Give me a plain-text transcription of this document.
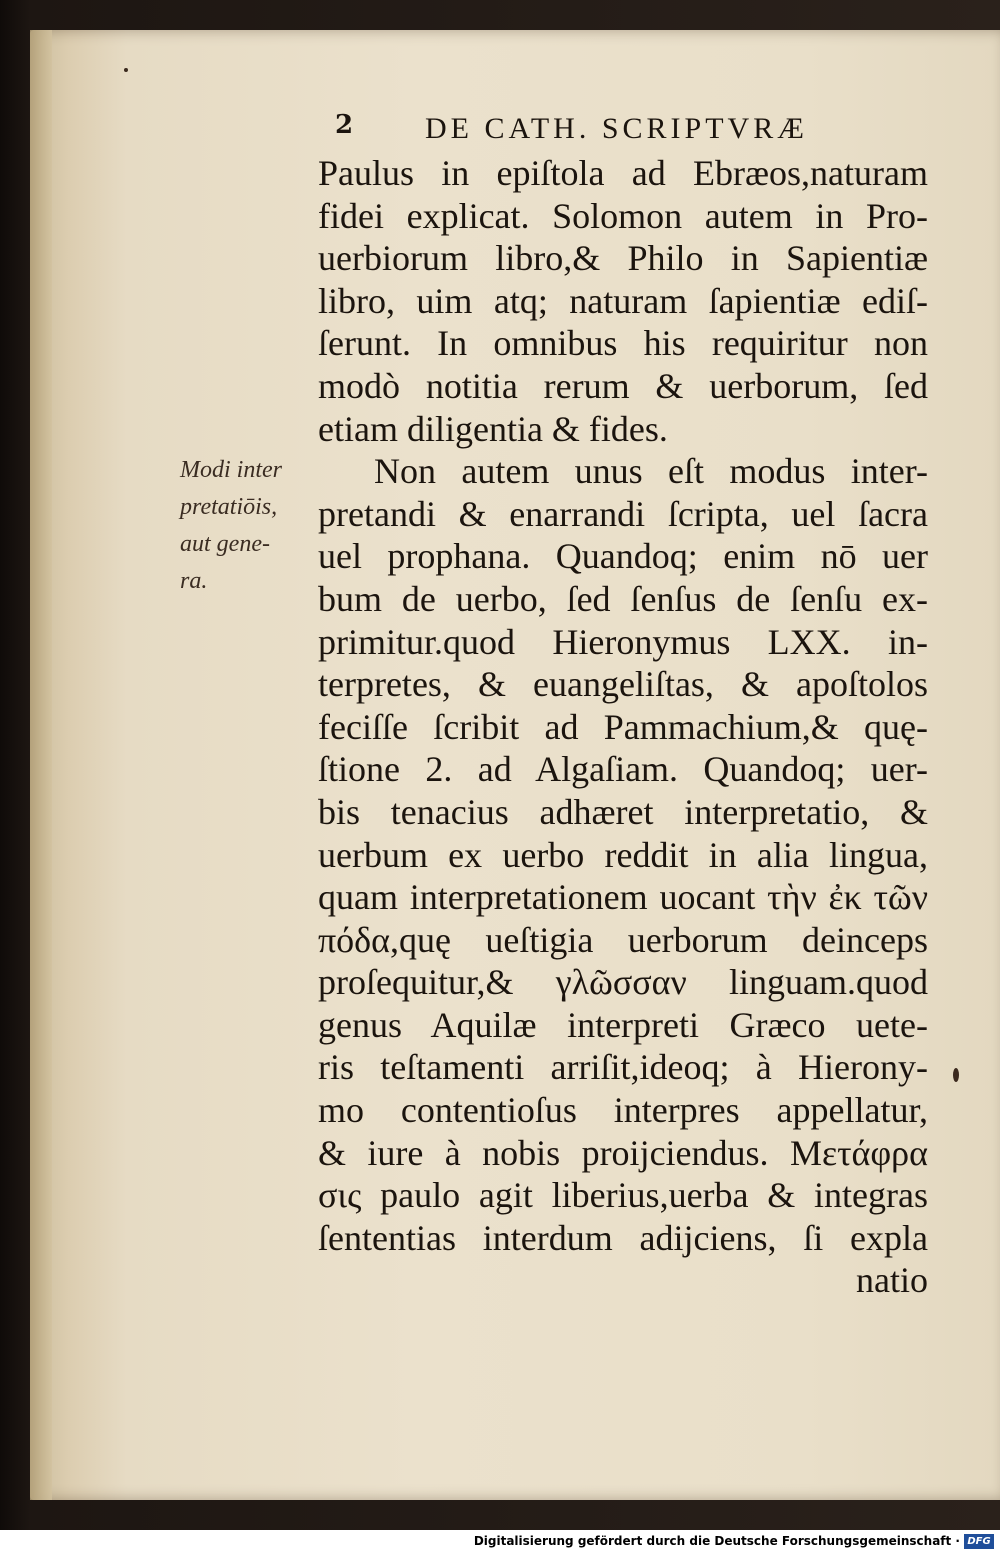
2 DE CATH. SCRIPTVRÆ
Modi inter
pretatiōis,
aut gene-
ra.
Paulus in epiſtola ad Ebræos,naturam
fidei explicat. Solomon autem in Pro-
uerbiorum libro,& Philo in Sapientiæ
libro, uim atq; naturam ſapientiæ ediſ-
ſerunt. In omnibus his requiritur non
modò notitia rerum & uerborum, ſed
etiam diligentia & fides.
Non autem unus eſt modus inter-
pretandi & enarrandi ſcripta, uel ſacra
uel prophana. Quandoq; enim nō uer
bum de uerbo, ſed ſenſus de ſenſu ex-
primitur.quod Hieronymus LXX. in-
terpretes, & euangeliſtas, & apoſtolos
feciſſe ſcribit ad Pammachium,& quę-
ſtione 2. ad Algaſiam. Quandoq; uer-
bis tenacius adhæret interpretatio, &
uerbum ex uerbo reddit in alia lingua,
quam interpretationem uocant τὴν ἐκ τῶν
πόδα,quę ueſtigia uerborum deinceps
proſequitur,& γλῶσσαν linguam.quod
genus Aquilæ interpreti Græco uete-
ris teſtamenti arriſit,ideoq; à Hierony-
mo contentioſus interpres appellatur,
& iure à nobis proijciendus. Μετάφρα
σις paulo agit liberius,uerba & integras
ſententias interdum adijciens, ſi expla
natio
Digitalisierung gefördert durch die Deutsche Forschungsgemeinschaft · DFG
